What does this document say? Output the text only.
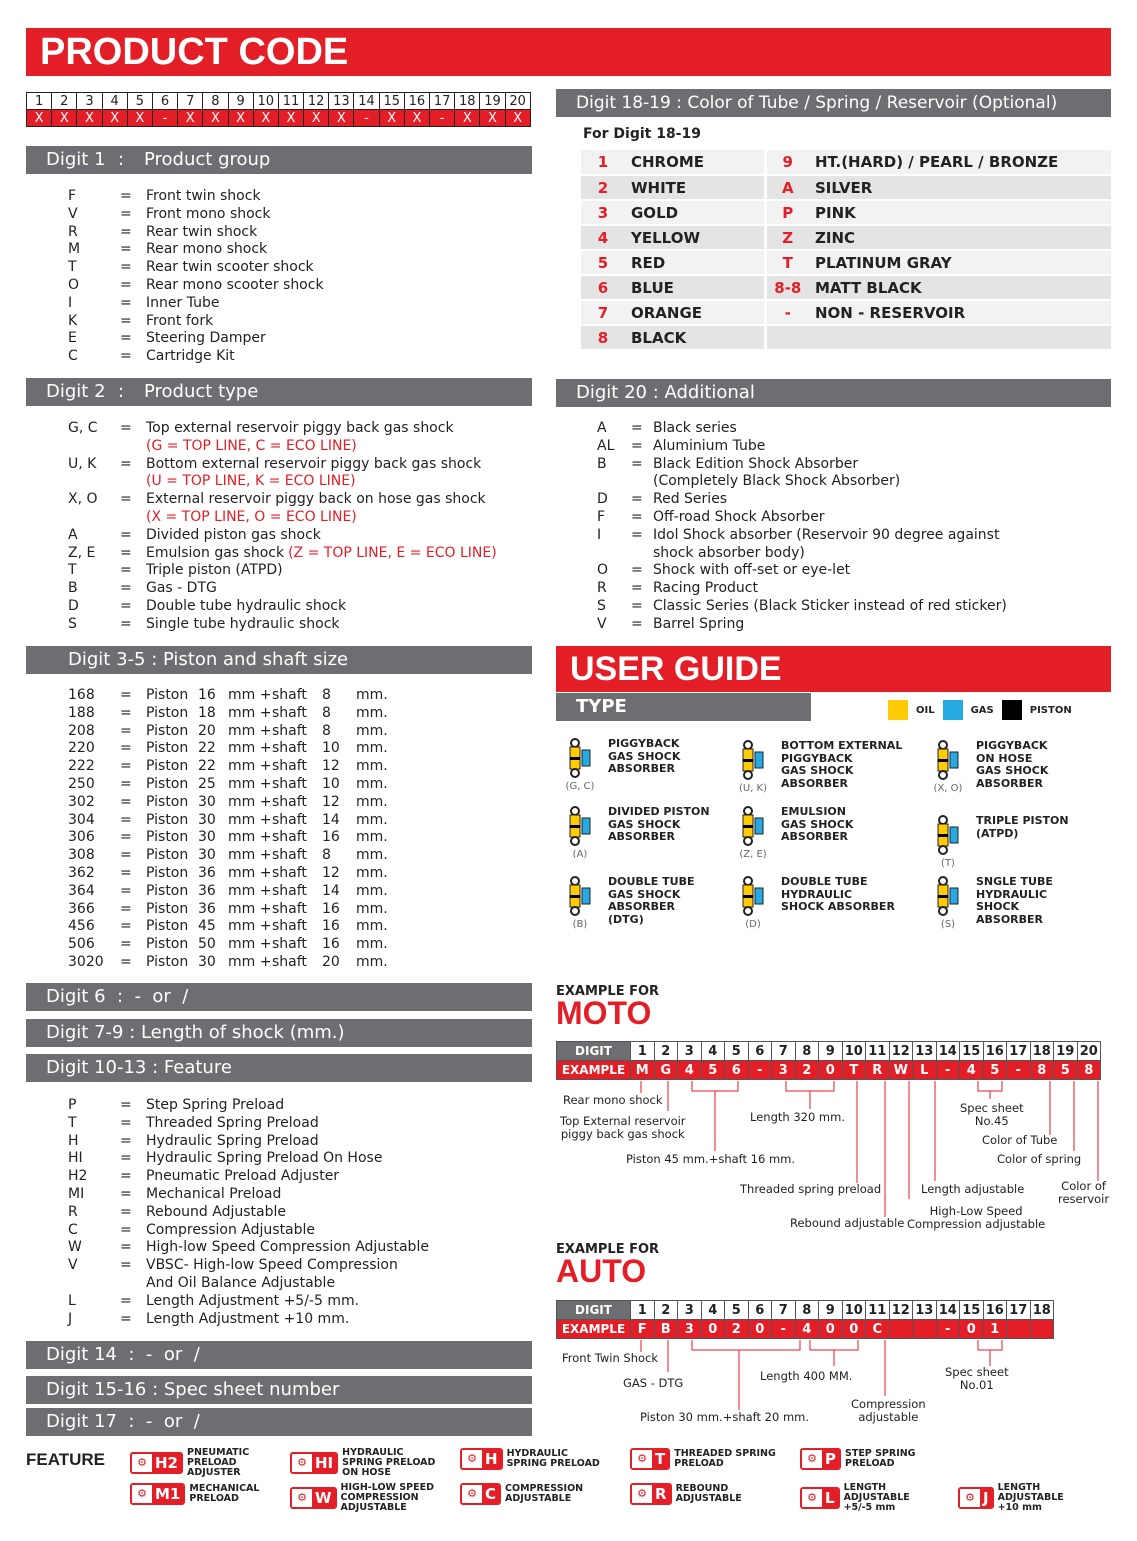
PRODUCT CODE
1	2	3	4	5	6	7	8	9	10	11	12	13	14	15	16	17	18	19	20
X	X	X	X	X	-	X	X	X	X	X	X	X	-	X	X	-	X	X	X
Digit 1 : Product group
F	=	Front twin shock
V	=	Front mono shock
R	=	Rear twin shock
M	=	Rear mono shock
T	=	Rear twin scooter shock
O	=	Rear mono scooter shock
I	=	Inner Tube
K	=	Front fork
E	=	Steering Damper
C	=	Cartridge Kit
Digit 2 : Product type
G, C	=	Top external reservoir piggy back gas shock
(G = TOP LINE, C = ECO LINE)
U, K	=	Bottom external reservoir piggy back gas shock
(U = TOP LINE, K = ECO LINE)
X, O	=	External reservoir piggy back on hose gas shock
(X = TOP LINE, O = ECO LINE)
A	=	Divided piston gas shock
Z, E	=	Emulsion gas shock (Z = TOP LINE, E = ECO LINE)
T	=	Triple piston (ATPD)
B	=	Gas - DTG
D	=	Double tube hydraulic shock
S	=	Single tube hydraulic shock
Digit 3-5 : Piston and shaft size
168	=	Piston 16 mm + shaft	8	mm.
188	=	Piston 18 mm + shaft	8	mm.
208	=	Piston 20 mm + shaft	8	mm.
220	=	Piston 22 mm + shaft	10	mm.
222	=	Piston 22 mm + shaft	12	mm.
250	=	Piston 25 mm + shaft	10	mm.
302	=	Piston 30 mm + shaft	12	mm.
304	=	Piston 30 mm + shaft	14	mm.
306	=	Piston 30 mm + shaft	16	mm.
308	=	Piston 30 mm + shaft	8	mm.
362	=	Piston 36 mm + shaft	12	mm.
364	=	Piston 36 mm + shaft	14	mm.
366	=	Piston 36 mm + shaft	16	mm.
456	=	Piston 45 mm + shaft	16	mm.
506	=	Piston 50 mm + shaft	16	mm.
3020	=	Piston 30 mm + shaft	20	mm.
Digit 6  :  -  or  /
Digit 7-9 : Length of shock (mm.)
Digit 10-13 : Feature
P	=	Step Spring Preload
T	=	Threaded Spring Preload
H	=	Hydraulic Spring Preload
HI	=	Hydraulic Spring Preload On Hose
H2	=	Pneumatic Preload Adjuster
MI	=	Mechanical Preload
R	=	Rebound Adjustable
C	=	Compression Adjustable
W	=	High-low Speed Compression Adjustable
V	=	VBSC- High-low Speed Compression
And Oil Balance Adjustable
L	=	Length Adjustment +5/-5 mm.
J	=	Length Adjustment +10 mm.
Digit 14  :  -  or  /
Digit 15-16 : Spec sheet number
Digit 17  :  -  or  /
Digit 18-19 : Color of Tube / Spring / Reservoir (Optional)
For Digit 18-19
1	CHROME	9	HT.(HARD) / PEARL / BRONZE
2	WHITE	A	SILVER
3	GOLD	P	PINK
4	YELLOW	Z	ZINC
5	RED	T	PLATINUM GRAY
6	BLUE	8-8	MATT BLACK
7	ORANGE	-	NON - RESERVOIR
8	BLACK		
Digit 20 : Additional
A	= Black series
AL	= Aluminium Tube
B	= Black Edition Shock Absorber
(Completely Black Shock Absorber)
D	= Red Series
F	= Off-road Shock Absorber
I	= Idol Shock absorber (Reservoir 90 degree against
shock absorber body)
O	= Shock with off-set or eye-let
R	= Racing Product
S	= Classic Series (Black Sticker instead of red sticker)
V	= Barrel Spring
USER GUIDE
TYPE	OIL	GAS	PISTON
(G, C)
PIGGYBACK
GAS SHOCK
ABSORBER
(U, K)
BOTTOM EXTERNAL
PIGGYBACK
GAS SHOCK
ABSORBER	(X, O)
PIGGYBACK
ON HOSE
GAS SHOCK
ABSORBER
(A)
DIVIDED PISTON
GAS SHOCK
ABSORBER
(Z, E)
EMULSION
GAS SHOCK
ABSORBER
(T)
TRIPLE PISTON
(ATPD)
(B)
DOUBLE TUBE
GAS SHOCK
ABSORBER
(DTG)	(D)
DOUBLE TUBE
HYDRAULIC
SHOCK ABSORBER
(S)
SNGLE TUBE
HYDRAULIC
SHOCK
ABSORBER
EXAMPLE FOR
MOTO
DIGIT	1	2	3	4	5	6	7	8	9	10	11	12	13	14	15	16	17	18	19	20
EXAMPLE	M	G	4	5	6	-	3	2	0	T	R	W	L	-	4	5	-	8	5	8
Rear mono shock
Top External reservoir
piggy back gas shock
Length 320 mm.
Spec sheet
No.45
Color of Tube
Color of spring
Piston 45 mm.+shaft 16 mm.
Threaded spring preload	Length adjustable	Color of
reservoir
High-Low Speed
Compression adjustable
Rebound adjustable
EXAMPLE FOR
AUTO
DIGIT	1	2	3	4	5	6	7	8	9	10	11	12	13	14	15	16	17	18
EXAMPLE	F	B	3	0	2	0	-	4	0	0	C			-	0	1		
Front Twin Shock
GAS - DTG	Length 400 MM.	Spec sheet
No.01
Compression
adjustable
Piston 30 mm.+shaft 20 mm.
FEATURE	⚙ H2
PNEUMATIC
PRELOAD
ADJUSTER
⚙ HI
HYDRAULIC
SPRING PRELOAD
ON HOSE
⚙ H HYDRAULIC
SPRING PRELOAD	⚙ T THREADED SPRING
PRELOAD	⚙ P STEP SPRING
PRELOAD
⚙ M1 MECHANICAL
PRELOAD	⚙ W
HIGH-LOW SPEED
COMPRESSION
ADJUSTABLE
⚙ C COMPRESSION
ADJUSTABLE	⚙ R REBOUND
ADJUSTABLE	⚙ L
LENGTH
ADJUSTABLE
+5/-5 mm
⚙ J
LENGTH
ADJUSTABLE
+10 mm
